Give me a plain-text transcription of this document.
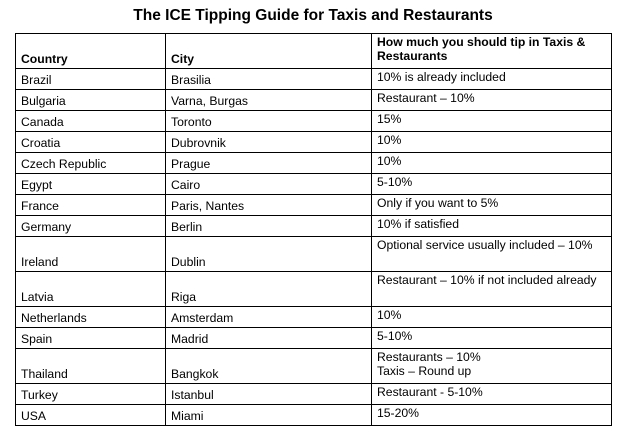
The ICE Tipping Guide for Taxis and Restaurants
Country	City	How much you should tip in Taxis & Restaurants
Brazil	Brasilia	10% is already included

Bulgaria	Varna, Burgas	Restaurant – 10%

Canada	Toronto	15%

Croatia	Dubrovnik	10%

Czech Republic	Prague	10%

Egypt	Cairo	5-10%

France	Paris, Nantes	Only if you want to 5%

Germany	Berlin	10% if satisfied

Ireland	Dublin	Optional service usually included – 10%

Latvia	Riga	Restaurant – 10% if not included already

Netherlands	Amsterdam	10%

Spain	Madrid	5-10%

Thailand	Bangkok	Restaurants – 10%
Taxis – Round up

Turkey	Istanbul	Restaurant - 5-10%

USA	Miami	15-20%
